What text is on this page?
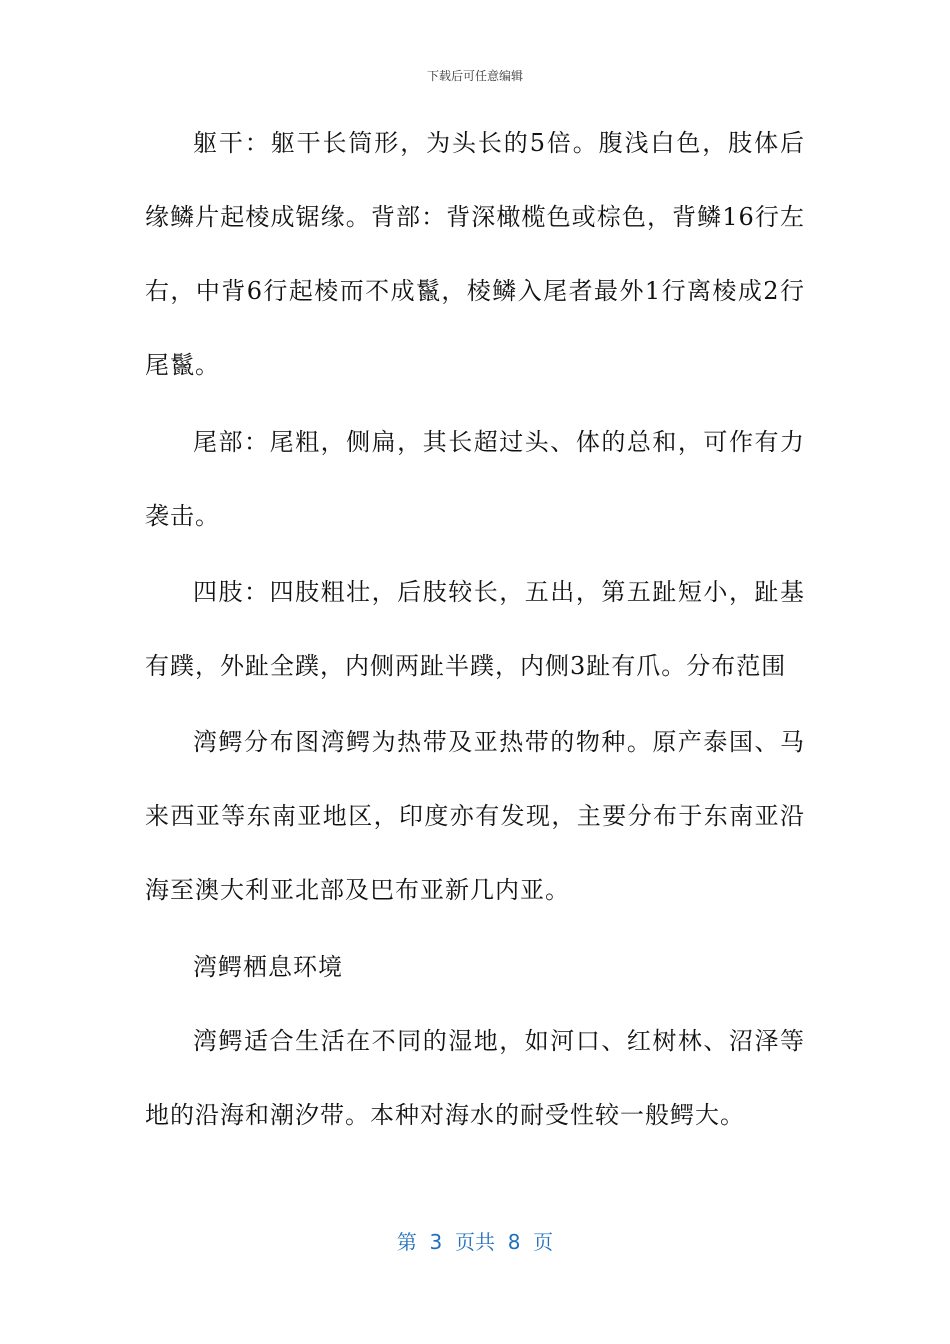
下载后可任意编辑

躯干：躯干长筒形，为头长的5倍。腹浅白色，肢体后缘鳞片起棱成锯缘。背部：背深橄榄色或棕色，背鳞16行左右，中背6行起棱而不成鬣，棱鳞入尾者最外1行离棱成2行尾鬣。

尾部：尾粗，侧扁，其长超过头、体的总和，可作有力袭击。

四肢：四肢粗壮，后肢较长，五出，第五趾短小，趾基有蹼，外趾全蹼，内侧两趾半蹼，内侧3趾有爪。分布范围

湾鳄分布图湾鳄为热带及亚热带的物种。原产泰国、马来西亚等东南亚地区，印度亦有发现，主要分布于东南亚沿海至澳大利亚北部及巴布亚新几内亚。

湾鳄栖息环境

湾鳄适合生活在不同的湿地，如河口、红树林、沼泽等地的沿海和潮汐带。本种对海水的耐受性较一般鳄大。

第  3  页共  8  页
